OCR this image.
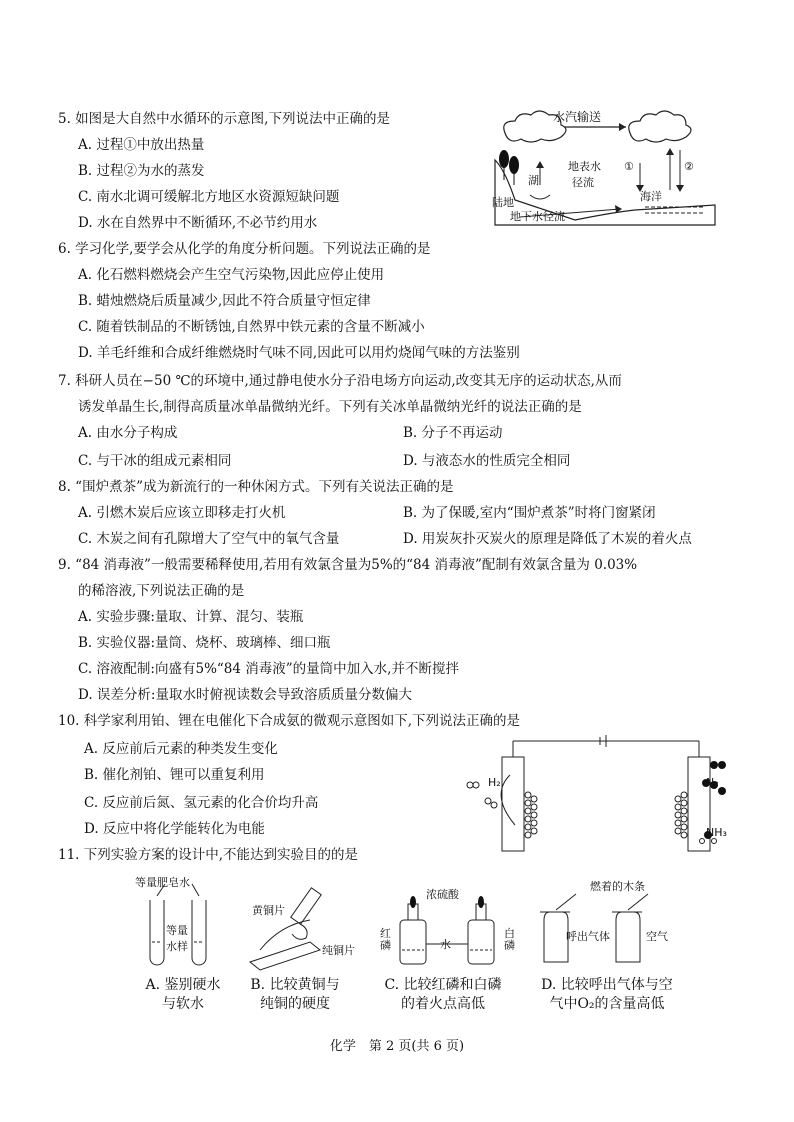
5. 如图是大自然中水循环的示意图,下列说法中正确的是
A. 过程①中放出热量
B. 过程②为水的蒸发
C. 南水北调可缓解北方地区水资源短缺问题
D. 水在自然界中不断循环,不必节约用水
水汽输送
地表水
径流
湖
陆地	海洋
地下水径流
①	②
6. 学习化学,要学会从化学的角度分析问题。下列说法正确的是
A. 化石燃料燃烧会产生空气污染物,因此应停止使用
B. 蜡烛燃烧后质量减少,因此不符合质量守恒定律
C. 随着铁制品的不断锈蚀,自然界中铁元素的含量不断减小
D. 羊毛纤维和合成纤维燃烧时气味不同,因此可以用灼烧闻气味的方法鉴别
7. 科研人员在−50 ℃的环境中,通过静电使水分子沿电场方向运动,改变其无序的运动状态,从而
诱发单晶生长,制得高质量冰单晶微纳光纤。下列有关冰单晶微纳光纤的说法正确的是
A. 由水分子构成	B. 分子不再运动
C. 与干冰的组成元素相同	D. 与液态水的性质完全相同
8. “围炉煮茶”成为新流行的一种休闲方式。下列有关说法正确的是
A. 引燃木炭后应该立即移走打火机	B. 为了保暖,室内“围炉煮茶”时将门窗紧闭
C. 木炭之间有孔隙增大了空气中的氧气含量	D. 用炭灰扑灭炭火的原理是降低了木炭的着火点
9. “84 消毒液”一般需要稀释使用,若用有效氯含量为5%的“84 消毒液”配制有效氯含量为 0.03%
的稀溶液,下列说法正确的是
A. 实验步骤:量取、计算、混匀、装瓶
B. 实验仪器:量筒、烧杯、玻璃棒、细口瓶
C. 溶液配制:向盛有5%“84 消毒液”的量筒中加入水,并不断搅拌
D. 误差分析:量取水时俯视读数会导致溶质质量分数偏大
10. 科学家利用铂、锂在电催化下合成氨的微观示意图如下,下列说法正确的是
A. 反应前后元素的种类发生变化
B. 催化剂铂、锂可以重复利用
C. 反应前后氮、氢元素的化合价均升高
D. 反应中将化学能转化为电能
H₂	N₂
NH₃
11. 下列实验方案的设计中,不能达到实验目的的是
等量肥皂水
等量
水样
黄铜片
纯铜片
浓硫酸
红磷	水
白磷
燃着的木条
呼出气体	空气
A. 鉴别硬水
与软水
B. 比较黄铜与
纯铜的硬度
C. 比较红磷和白磷
的着火点高低
D. 比较呼出气体与空
气中O₂的含量高低
化学　第 2 页(共 6 页)
